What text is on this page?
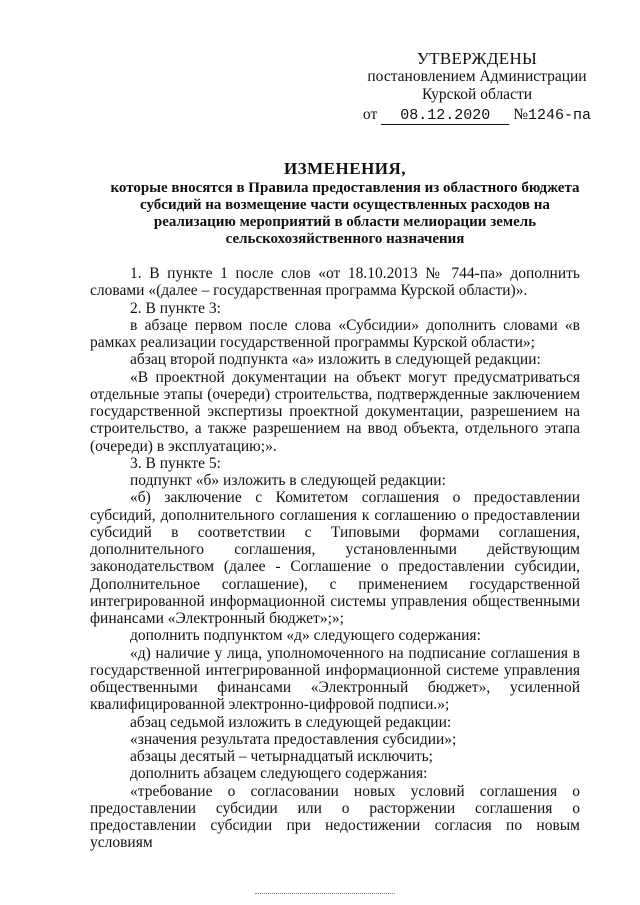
УТВЕРЖДЕНЫ
постановлением Администрации
Курской области
от	08.12.2020	№ 1246-па
ИЗМЕНЕНИЯ,
которые вносятся в Правила предоставления из областного бюджета субсидий на возмещение части осуществленных расходов на реализацию мероприятий в области мелиорации земель сельскохозяйственного назначения

1. В пункте 1 после слов «от 18.10.2013 № 744-па» дополнить словами «(далее – государственная программа Курской области)».

2. В пункте 3:

в абзаце первом после слова «Субсидии» дополнить словами «в рамках реализации государственной программы Курской области»;

абзац второй подпункта «а» изложить в следующей редакции:

«В проектной документации на объект могут предусматриваться отдельные этапы (очереди) строительства, подтвержденные заключением государственной экспертизы проектной документации, разрешением на строительство, а также разрешением на ввод объекта, отдельного этапа (очереди) в эксплуатацию;».

3. В пункте 5:

подпункт «б» изложить в следующей редакции:

«б) заключение с Комитетом соглашения о предоставлении субсидий, дополнительного соглашения к соглашению о предоставлении субсидий в соответствии с Типовыми формами соглашения, дополнительного соглашения, установленными действующим законодательством (далее - Соглашение о предоставлении субсидии, Дополнительное соглашение), с применением государственной интегрированной информационной системы управления общественными финансами «Электронный бюджет»;»;

дополнить подпунктом «д» следующего содержания:

«д) наличие у лица, уполномоченного на подписание соглашения в государственной интегрированной информационной системе управления общественными финансами «Электронный бюджет», усиленной квалифицированной электронно-цифровой подписи.»;

абзац седьмой изложить в следующей редакции:

«значения результата предоставления субсидии»;

абзацы десятый – четырнадцатый исключить;

дополнить абзацем следующего содержания:

«требование о согласовании новых условий соглашения о предоставлении субсидии или о расторжении соглашения о предоставлении субсидии при недостижении согласия по новым условиям
